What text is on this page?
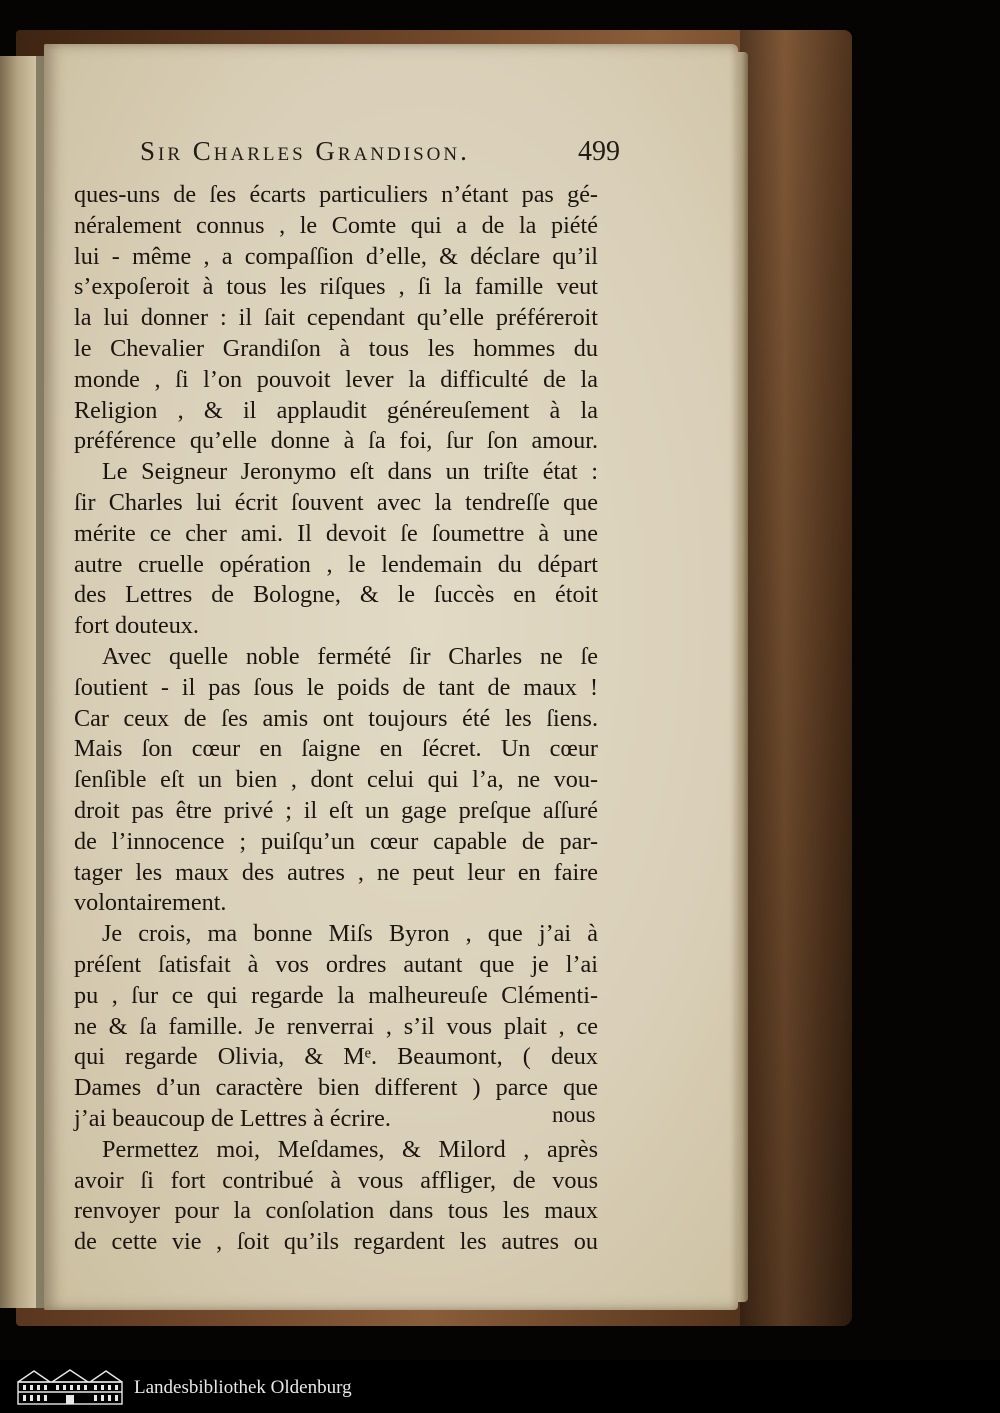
Sir Charles Grandison.	499
ques-uns de ſes écarts particuliers n’étant pas gé-
néralement connus , le Comte qui a de la piété
lui - même , a compaſſion d’elle, & déclare qu’il
s’expoſeroit à tous les riſques , ſi la famille veut
la lui donner : il ſait cependant qu’elle préféreroit
le Chevalier Grandiſon à tous les hommes du
monde , ſi l’on pouvoit lever la difficulté de la
Religion , & il applaudit généreuſement à la
préférence qu’elle donne à ſa foi, ſur ſon amour.
Le Seigneur Jeronymo eſt dans un triſte état :
ſir Charles lui écrit ſouvent avec la tendreſſe que
mérite ce cher ami. Il devoit ſe ſoumettre à une
autre cruelle opération , le lendemain du départ
des Lettres de Bologne, & le ſuccès en étoit
fort douteux.
Avec quelle noble fermété ſir Charles ne ſe
ſoutient - il pas ſous le poids de tant de maux !
Car ceux de ſes amis ont toujours été les ſiens.
Mais ſon cœur en ſaigne en ſécret. Un cœur
ſenſible eſt un bien , dont celui qui l’a, ne vou-
droit pas être privé ; il eſt un gage preſque aſſuré
de l’innocence ; puiſqu’un cœur capable de par-
tager les maux des autres , ne peut leur en faire
volontairement.
Je crois, ma bonne Miſs Byron , que j’ai à
préſent ſatisfait à vos ordres autant que je l’ai
pu , ſur ce qui regarde la malheureuſe Clémenti-
ne & ſa famille. Je renverrai , s’il vous plait , ce
qui regarde Olivia, & Mᵉ. Beaumont, ( deux
Dames d’un caractère bien different ) parce que
j’ai beaucoup de Lettres à écrire.
Permettez moi, Meſdames, & Milord , après
avoir ſi fort contribué à vous affliger, de vous
renvoyer pour la conſolation dans tous les maux
de cette vie , ſoit qu’ils regardent les autres ou
nous
Landesbibliothek Oldenburg
